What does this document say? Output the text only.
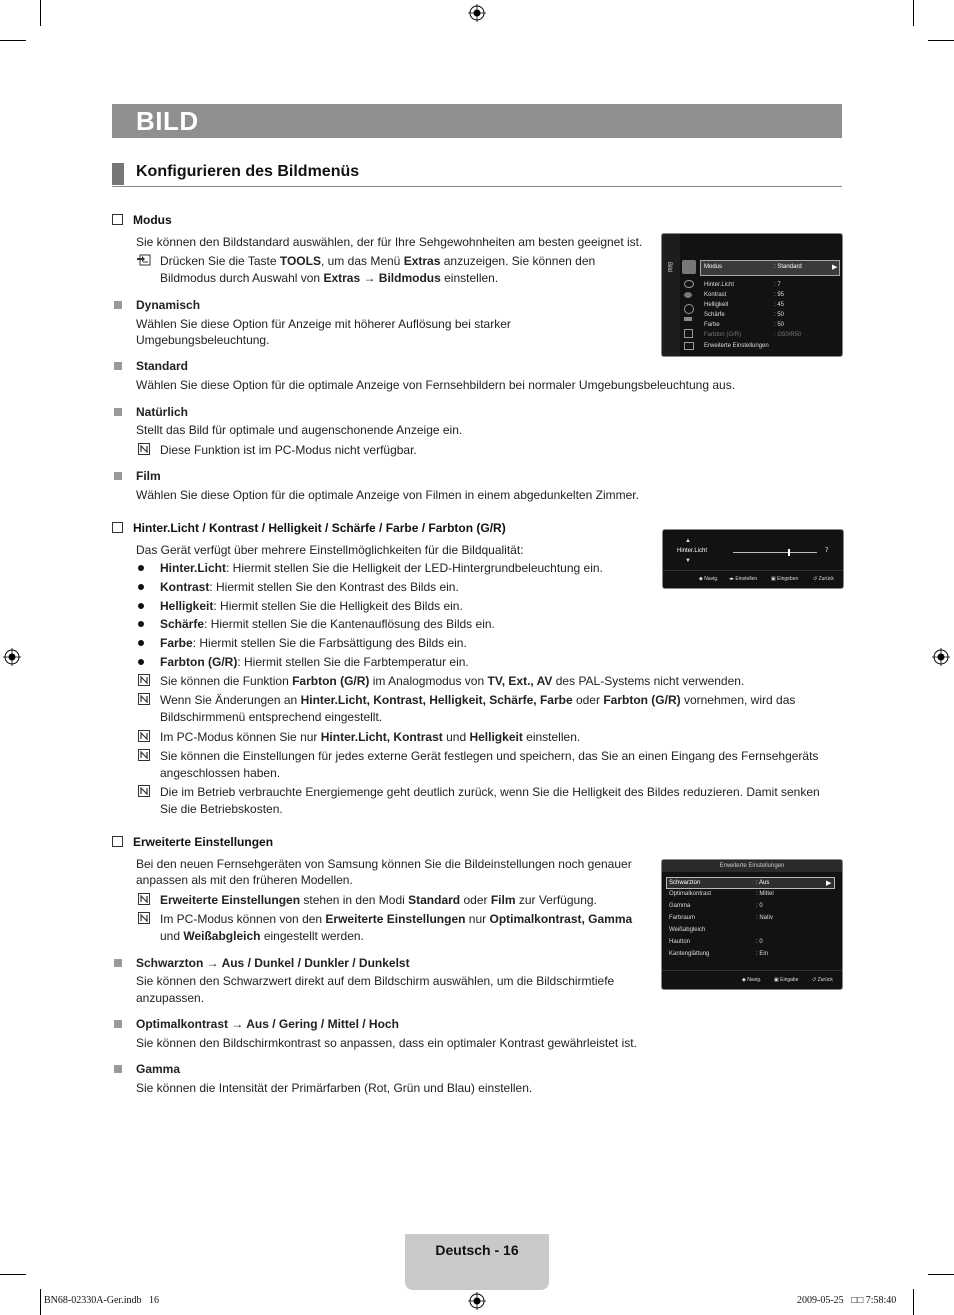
BILD
Konfigurieren des Bildmenüs
Modus
Sie können den Bildstandard auswählen, der für Ihre Sehgewohnheiten am besten geeignet ist.
Drücken Sie die Taste TOOLS, um das Menü Extras anzuzeigen. Sie können den
Bildmodus durch Auswahl von Extras → Bildmodus einstellen.
Dynamisch
Wählen Sie diese Option für Anzeige mit höherer Auflösung bei starker
Umgebungsbeleuchtung.
Standard
Wählen Sie diese Option für die optimale Anzeige von Fernsehbildern bei normaler Umgebungsbeleuchtung aus.
Natürlich
Stellt das Bild für optimale und augenschonende Anzeige ein.
Diese Funktion ist im PC-Modus nicht verfügbar.
Film
Wählen Sie diese Option für die optimale Anzeige von Filmen in einem abgedunkelten Zimmer.
Bild	Modus	: Standard	▶
Hinter.Licht	: 7
Kontrast	: 95
Helligkeit	: 45
Schärfe	: 50
Farbe	: 50
Farbton (G/R)	: G50/R50
Erweiterte Einstellungen
Hinter.Licht / Kontrast / Helligkeit / Schärfe / Farbe / Farbton (G/R)
Das Gerät verfügt über mehrere Einstellmöglichkeiten für die Bildqualität:
Hinter.Licht: Hiermit stellen Sie die Helligkeit der LED-Hintergrundbeleuchtung ein.
Kontrast: Hiermit stellen Sie den Kontrast des Bilds ein.
Helligkeit: Hiermit stellen Sie die Helligkeit des Bilds ein.
Schärfe: Hiermit stellen Sie die Kantenauflösung des Bilds ein.
Farbe: Hiermit stellen Sie die Farbsättigung des Bilds ein.
Farbton (G/R): Hiermit stellen Sie die Farbtemperatur ein.
Sie können die Funktion Farbton (G/R) im Analogmodus von TV, Ext., AV des PAL-Systems nicht verwenden.
Wenn Sie Änderungen an Hinter.Licht, Kontrast, Helligkeit, Schärfe, Farbe oder Farbton (G/R) vornehmen, wird das
Bildschirmmenü entsprechend eingestellt.
Im PC-Modus können Sie nur Hinter.Licht, Kontrast und Helligkeit einstellen.
Sie können die Einstellungen für jedes externe Gerät festlegen und speichern, das Sie an einen Eingang des Fernsehgeräts
angeschlossen haben.
Die im Betrieb verbrauchte Energiemenge geht deutlich zurück, wenn Sie die Helligkeit des Bildes reduzieren. Damit senken
Sie die Betriebskosten.
▲
Hinter.Licht
▼
7
◆ Navig. ◂▸ Einstellen	▣ Eingeben	↺ Zurück
Erweiterte Einstellungen
Bei den neuen Fernsehgeräten von Samsung können Sie die Bildeinstellungen noch genauer
anpassen als mit den früheren Modellen.
Erweiterte Einstellungen stehen in den Modi Standard oder Film zur Verfügung.
Im PC-Modus können von den Erweiterte Einstellungen nur Optimalkontrast, Gamma
und Weißabgleich eingestellt werden.
Schwarzton → Aus / Dunkel / Dunkler / Dunkelst
Sie können den Schwarzwert direkt auf dem Bildschirm auswählen, um die Bildschirmtiefe
anzupassen.
Optimalkontrast → Aus / Gering / Mittel / Hoch
Sie können den Bildschirmkontrast so anpassen, dass ein optimaler Kontrast gewährleistet ist.
Gamma
Sie können die Intensität der Primärfarben (Rot, Grün und Blau) einstellen.
Erweiterte Einstellungen
Schwarzton	: Aus	▶
Optimalkontrast	: Mittel
Gamma	: 0
Farbraum	: Nativ
Weißabgleich
Hautton	: 0
Kantenglättung	: Ein
◆ Navig.	▣ Eingabe	↺ Zurück
Deutsch - 16
BN68-02330A-Ger.indb   16	2009-05-25   □□ 7:58:40
